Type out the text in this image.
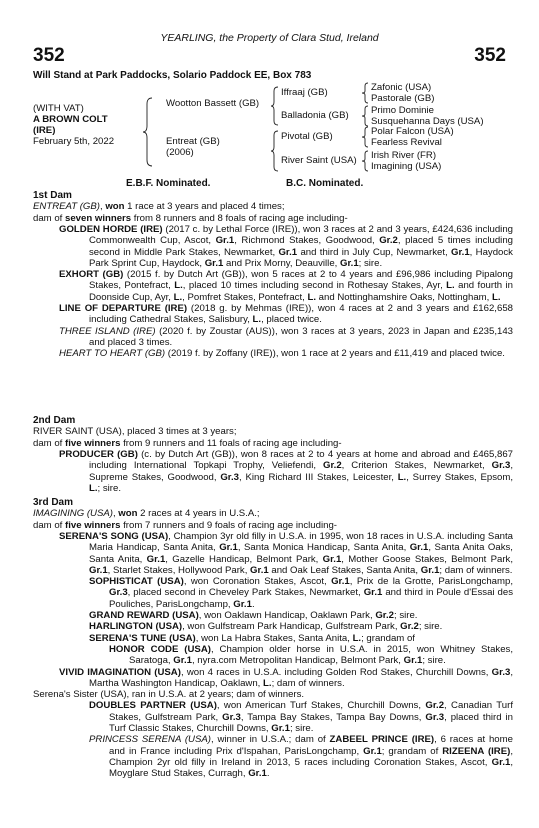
YEARLING, the Property of Clara Stud, Ireland
352	352
Will Stand at Park Paddocks, Solario Paddock EE, Box 783
(WITH VAT)
A BROWN COLT
(IRE)
February 5th, 2022
Wootton Bassett (GB)
Entreat (GB)
(2006)
Iffraaj (GB)
Balladonia (GB)
Zafonic (USA)
Pastorale (GB)
Primo Dominie
Susquehanna Days (USA)
Pivotal (GB)
River Saint (USA)
Polar Falcon (USA)
Fearless Revival
Irish River (FR)
Imagining (USA)
E.B.F. Nominated.	B.C. Nominated.
1st Dam

ENTREAT (GB), won 1 race at 3 years and placed 4 times;

dam of seven winners from 8 runners and 8 foals of racing age including-

GOLDEN HORDE (IRE) (2017 c. by Lethal Force (IRE)), won 3 races at 2 and 3 years, £424,636 including Commonwealth Cup, Ascot, Gr.1, Richmond Stakes, Goodwood, Gr.2, placed 5 times including second in Middle Park Stakes, Newmarket, Gr.1 and third in July Cup, Newmarket, Gr.1, Haydock Park Sprint Cup, Haydock, Gr.1 and Prix Morny, Deauville, Gr.1; sire.

EXHORT (GB) (2015 f. by Dutch Art (GB)), won 5 races at 2 to 4 years and £96,986 including Pipalong Stakes, Pontefract, L., placed 10 times including second in Rothesay Stakes, Ayr, L. and fourth in Doonside Cup, Ayr, L., Pomfret Stakes, Pontefract, L. and Nottinghamshire Oaks, Nottingham, L.

LINE OF DEPARTURE (IRE) (2018 g. by Mehmas (IRE)), won 4 races at 2 and 3 years and £162,658 including Cathedral Stakes, Salisbury, L., placed twice.

THREE ISLAND (IRE) (2020 f. by Zoustar (AUS)), won 3 races at 3 years, 2023 in Japan and £235,143 and placed 3 times.

HEART TO HEART (GB) (2019 f. by Zoffany (IRE)), won 1 race at 2 years and £11,419 and placed twice.

2nd Dam

RIVER SAINT (USA), placed 3 times at 3 years;

dam of five winners from 9 runners and 11 foals of racing age including-

PRODUCER (GB) (c. by Dutch Art (GB)), won 8 races at 2 to 4 years at home and abroad and £465,867 including International Topkapi Trophy, Veliefendi, Gr.2, Criterion Stakes, Newmarket, Gr.3, Supreme Stakes, Goodwood, Gr.3, King Richard III Stakes, Leicester, L., Surrey Stakes, Epsom, L.; sire.

3rd Dam

IMAGINING (USA), won 2 races at 4 years in U.S.A.;

dam of five winners from 7 runners and 9 foals of racing age including-

SERENA'S SONG (USA), Champion 3yr old filly in U.S.A. in 1995, won 18 races in U.S.A. including Santa Maria Handicap, Santa Anita, Gr.1, Santa Monica Handicap, Santa Anita, Gr.1, Santa Anita Oaks, Santa Anita, Gr.1, Gazelle Handicap, Belmont Park, Gr.1, Mother Goose Stakes, Belmont Park, Gr.1, Starlet Stakes, Hollywood Park, Gr.1 and Oak Leaf Stakes, Santa Anita, Gr.1; dam of winners.

SOPHISTICAT (USA), won Coronation Stakes, Ascot, Gr.1, Prix de la Grotte, ParisLongchamp, Gr.3, placed second in Cheveley Park Stakes, Newmarket, Gr.1 and third in Poule d'Essai des Pouliches, ParisLongchamp, Gr.1.

GRAND REWARD (USA), won Oaklawn Handicap, Oaklawn Park, Gr.2; sire.

HARLINGTON (USA), won Gulfstream Park Handicap, Gulfstream Park, Gr.2; sire.

SERENA'S TUNE (USA), won La Habra Stakes, Santa Anita, L.; grandam of

HONOR CODE (USA), Champion older horse in U.S.A. in 2015, won Whitney Stakes, Saratoga, Gr.1, nyra.com Metropolitan Handicap, Belmont Park, Gr.1; sire.

VIVID IMAGINATION (USA), won 4 races in U.S.A. including Golden Rod Stakes, Churchill Downs, Gr.3, Martha Washington Handicap, Oaklawn, L.; dam of winners.

Serena's Sister (USA), ran in U.S.A. at 2 years; dam of winners.

DOUBLES PARTNER (USA), won American Turf Stakes, Churchill Downs, Gr.2, Canadian Turf Stakes, Gulfstream Park, Gr.3, Tampa Bay Stakes, Tampa Bay Downs, Gr.3, placed third in Turf Classic Stakes, Churchill Downs, Gr.1; sire.

PRINCESS SERENA (USA), winner in U.S.A.; dam of ZABEEL PRINCE (IRE), 6 races at home and in France including Prix d'Ispahan, ParisLongchamp, Gr.1; grandam of RIZEENA (IRE), Champion 2yr old filly in Ireland in 2013, 5 races including Coronation Stakes, Ascot, Gr.1, Moyglare Stud Stakes, Curragh, Gr.1.
